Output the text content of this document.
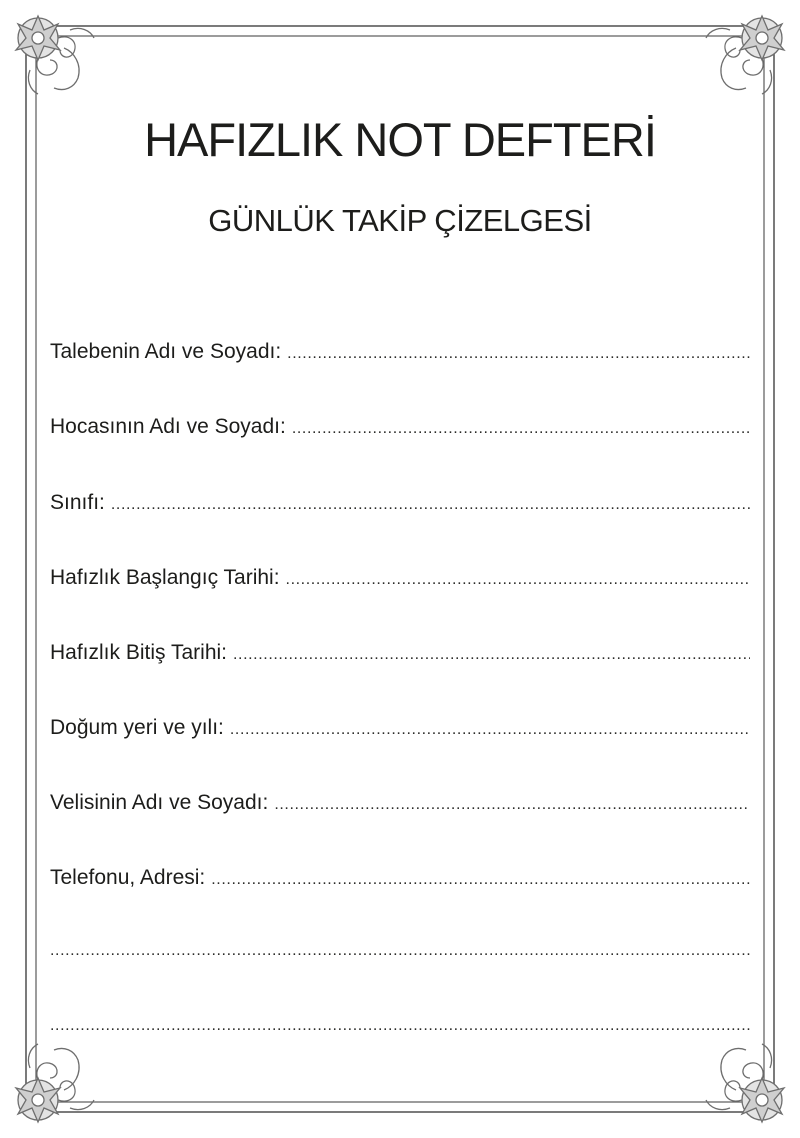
HAFIZLIK NOT DEFTERİ
GÜNLÜK TAKİP ÇİZELGESİ
Talebenin Adı ve Soyadı:
.....
Hocasının Adı ve Soyadı:
.....
Sınıfı:
.....
Hafızlık Başlangıç Tarihi:
.....
Hafızlık Bitiş Tarihi:
.....
Doğum yeri ve yılı:
.....
Velisinin Adı ve Soyadı:
.....
Telefonu, Adresi:
.....
.....
.....
